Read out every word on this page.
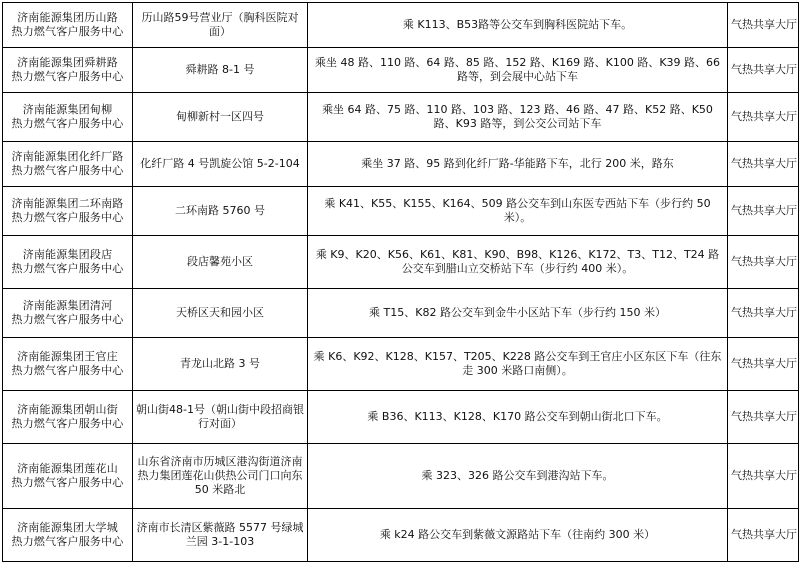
济南能源集团历山路
热力燃气客户服务中心	历山路59号营业厅（胸科医院对面）	乘 K113、B53路等公交车到胸科医院站下车。	气热共享大厅

济南能源集团舜耕路
热力燃气客户服务中心	舜耕路 8-1 号	乘坐 48 路、110 路、64 路、85 路、152 路、K169 路、K100 路、K39 路、66 路等，到会展中心站下车	气热共享大厅

济南能源集团甸柳
热力燃气客户服务中心	甸柳新村一区四号	乘坐 64 路、75 路、110 路、103 路、123 路、46 路、47 路、K52 路、K50 路、K93 路等，到公交公司站下车	气热共享大厅

济南能源集团化纤厂路
热力燃气客户服务中心	化纤厂路 4 号凯旋公馆 5-2-104	乘坐 37 路、95 路到化纤厂路-华能路下车，北行 200 米，路东	气热共享大厅

济南能源集团二环南路
热力燃气客户服务中心	二环南路 5760 号	乘 K41、K55、K155、K164、509 路公交车到山东医专西站下车（步行约 50 米）。	气热共享大厅

济南能源集团段店
热力燃气客户服务中心	段店馨苑小区	乘 K9、K20、K56、K61、K81、K90、B98、K126、K172、T3、T12、T24 路公交车到腊山立交桥站下车（步行约 400 米）。	气热共享大厅

济南能源集团清河
热力燃气客户服务中心	天桥区天和园小区	乘 T15、K82 路公交车到金牛小区站下车（步行约 150 米）	气热共享大厅

济南能源集团王官庄
热力燃气客户服务中心	青龙山北路 3 号	乘 K6、K92、K128、K157、T205、K228 路公交车到王官庄小区东区下车（往东走 300 米路口南侧）。	气热共享大厅

济南能源集团朝山街
热力燃气客户服务中心	朝山街48-1号（朝山街中段招商银行对面）	乘 B36、K113、K128、K170 路公交车到朝山街北口下车。	气热共享大厅

济南能源集团莲花山
热力燃气客户服务中心	山东省济南市历城区港沟街道济南热力集团莲花山供热公司门口向东50 米路北	乘 323、326 路公交车到港沟站下车。	气热共享大厅

济南能源集团大学城
热力燃气客户服务中心	济南市长清区紫薇路 5577 号绿城兰园 3-1-103	乘 k24 路公交车到紫薇文源路站下车（往南约 300 米）	气热共享大厅
